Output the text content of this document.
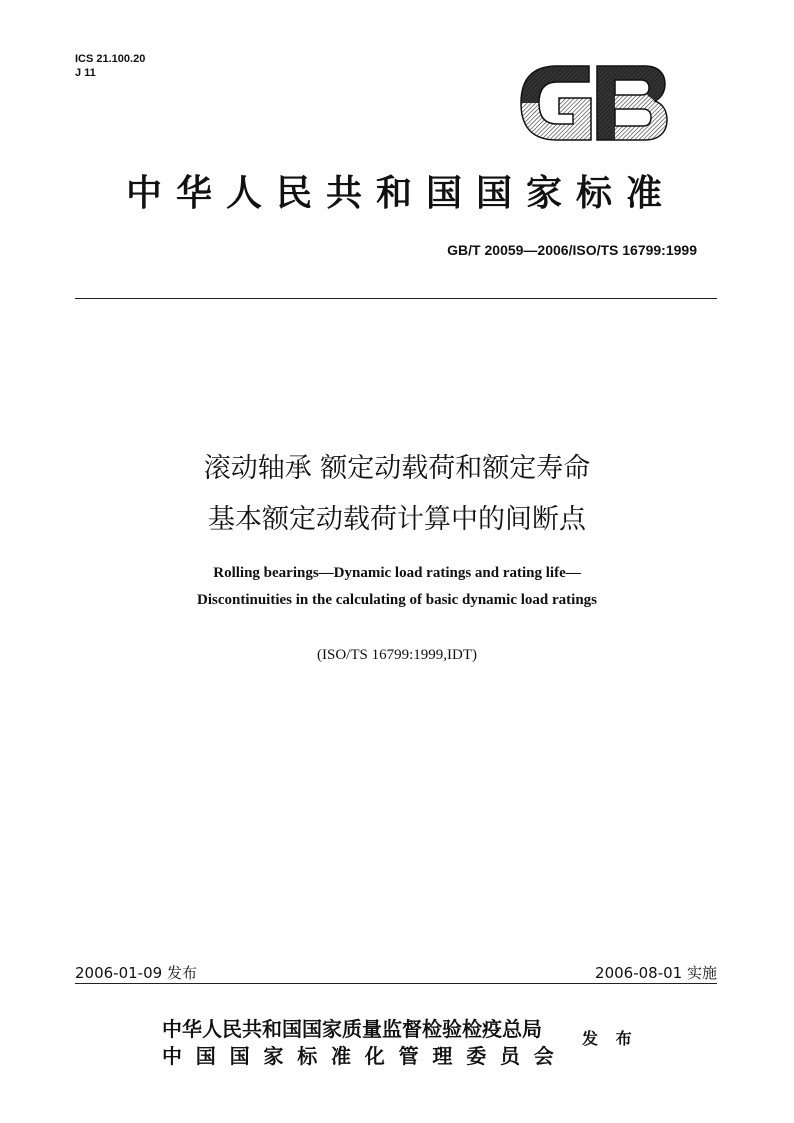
ICS 21.100.20
J 11
中华人民共和国国家标准
GB/T 20059—2006/ISO/TS 16799:1999
滚动轴承 额定动载荷和额定寿命
基本额定动载荷计算中的间断点
Rolling bearings—Dynamic load ratings and rating life—
Discontinuities in the calculating of basic dynamic load ratings
(ISO/TS 16799:1999,IDT)
2006-01-09 发布	2006-08-01 实施
中华人民共和国国家质量监督检验检疫总局
中国国家标准化管理委员会
发 布
